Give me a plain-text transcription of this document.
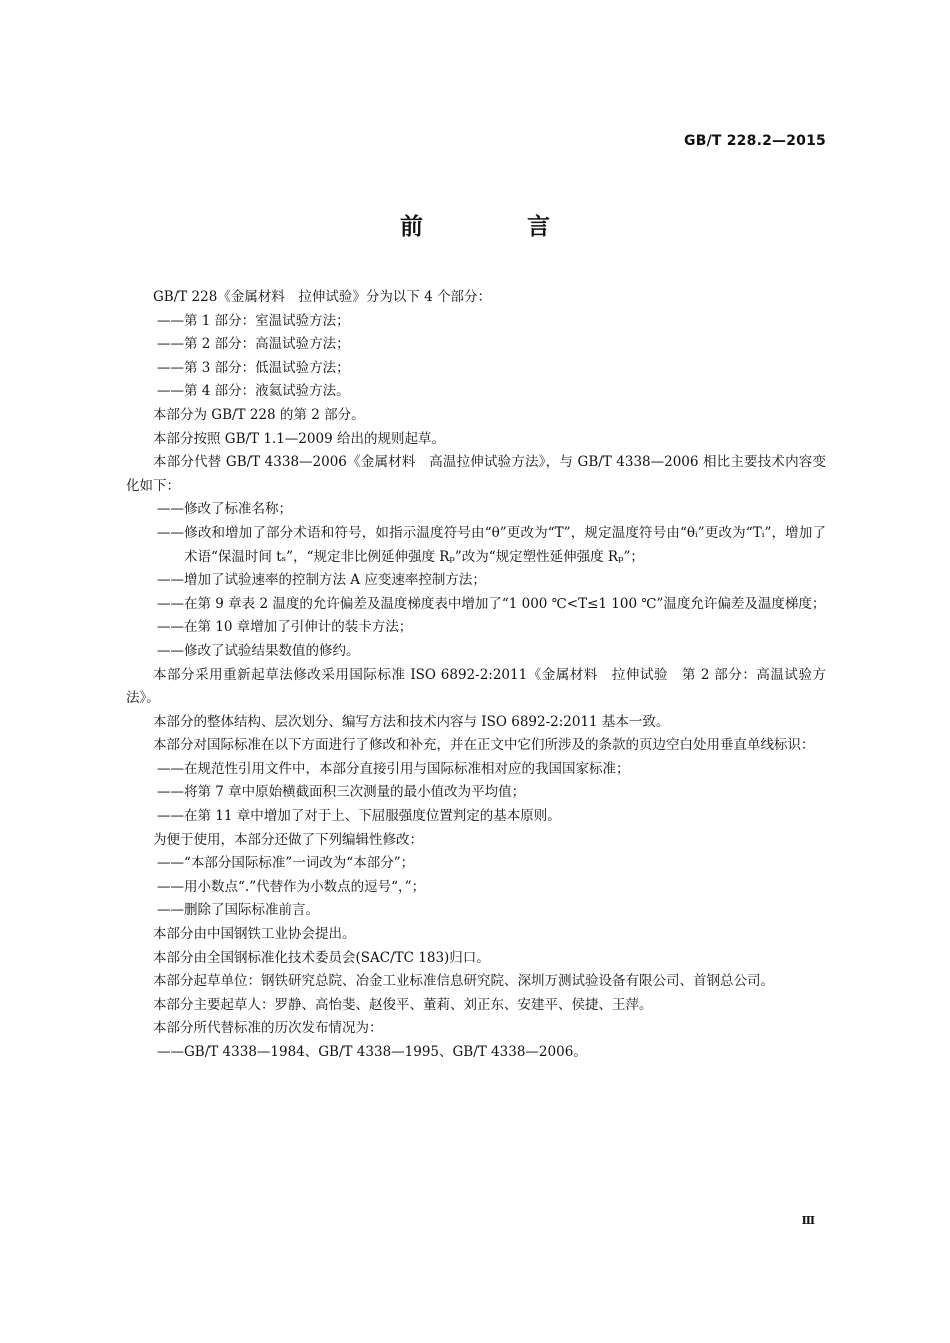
GB/T 228.2—2015
前 言

GB/T 228《金属材料　拉伸试验》分为以下 4 个部分：

——第 1 部分：室温试验方法；

——第 2 部分：高温试验方法；

——第 3 部分：低温试验方法；

——第 4 部分：液氦试验方法。

本部分为 GB/T 228 的第 2 部分。

本部分按照 GB/T 1.1—2009 给出的规则起草。

本部分代替 GB/T 4338—2006《金属材料　高温拉伸试验方法》，与 GB/T 4338—2006 相比主要技术内容变化如下：

——修改了标准名称；

——修改和增加了部分术语和符号，如指示温度符号由“θ”更改为“T”，规定温度符号由“θᵢ”更改为“Tᵢ”，增加了术语“保温时间 tₛ”，“规定非比例延伸强度 Rₚ”改为“规定塑性延伸强度 Rₚ”；

——增加了试验速率的控制方法 A 应变速率控制方法；

——在第 9 章表 2 温度的允许偏差及温度梯度表中增加了“1 000 ℃<T≤1 100 ℃”温度允许偏差及温度梯度；

——在第 10 章增加了引伸计的装卡方法；

——修改了试验结果数值的修约。

本部分采用重新起草法修改采用国际标准 ISO 6892-2:2011《金属材料　拉伸试验　第 2 部分：高温试验方法》。

本部分的整体结构、层次划分、编写方法和技术内容与 ISO 6892-2:2011 基本一致。

本部分对国际标准在以下方面进行了修改和补充，并在正文中它们所涉及的条款的页边空白处用垂直单线标识：

——在规范性引用文件中，本部分直接引用与国际标准相对应的我国国家标准；

——将第 7 章中原始横截面积三次测量的最小值改为平均值；

——在第 11 章中增加了对于上、下屈服强度位置判定的基本原则。

为便于使用，本部分还做了下列编辑性修改：

——“本部分国际标准”一词改为“本部分”；

——用小数点“.”代替作为小数点的逗号“，”；

——删除了国际标准前言。

本部分由中国钢铁工业协会提出。

本部分由全国钢标准化技术委员会(SAC/TC 183)归口。

本部分起草单位：钢铁研究总院、冶金工业标准信息研究院、深圳万测试验设备有限公司、首钢总公司。

本部分主要起草人：罗静、高怡斐、赵俊平、董莉、刘正东、安建平、侯捷、王萍。

本部分所代替标准的历次发布情况为：

——GB/T 4338—1984、GB/T 4338—1995、GB/T 4338—2006。

Ⅲ
